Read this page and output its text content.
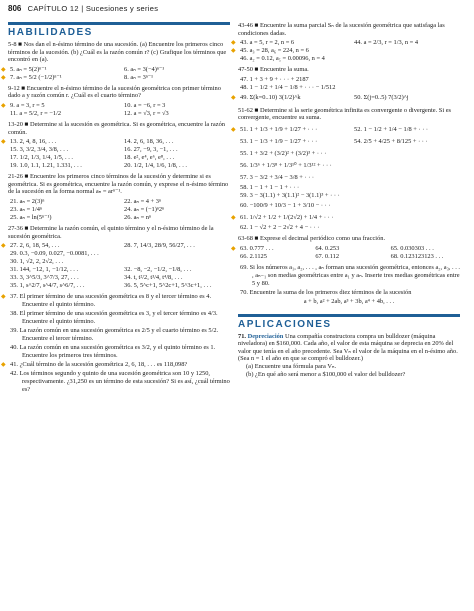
806 CAPÍTULO 12 | Sucesiones y series
HABILIDADES

5-8 ■ Nos dan el n-ésimo término de una sucesión. (a) Encuentre los primeros cinco términos de la sucesión. (b) ¿Cuál es la razón común r? (c) Grafique los términos que encontró en (a).

◆ 5. aₙ = 5(2)ⁿ⁻¹	6. aₙ = 3(−4)ⁿ⁻¹
◆ 7. aₙ = 5/2 (−1/2)ⁿ⁻¹	8. aₙ = 3ⁿ⁻¹

9-12 ■ Encuentre el n-ésimo término de la sucesión geométrica con primer término dado a y razón común r. ¿Cuál es el cuarto término?

◆ 9. a = 3, r = 5	10. a = −6, r = 3
11. a = 5/2, r = −1/2	12. a = √3, r = √3

13-20 ■ Determine si la sucesión es geométrica. Si es geométrica, encuentre la razón común.

◆ 13. 2, 4, 8, 16, . . .	14. 2, 6, 18, 36, . . .
15. 3, 3/2, 3/4, 3/8, . . .	16. 27, −9, 3, −1, . . .
17. 1/2, 1/3, 1/4, 1/5, . . .	18. e², e⁴, e⁶, e⁸, . . .
19. 1.0, 1.1, 1.21, 1.331, . . .	20. 1/2, 1/4, 1/6, 1/8, . . .

21-26 ■ Encuentre los primeros cinco términos de la sucesión y determine si es geométrica. Si es geométrica, encuentre la razón común, y exprese el n-ésimo término de la sucesión en la forma normal aₙ = arⁿ⁻¹.

21. aₙ = 2(3)ⁿ	22. aₙ = 4 + 3ⁿ
23. aₙ = 1/4ⁿ	24. aₙ = (−1)ⁿ2ⁿ
25. aₙ = ln(5ⁿ⁻¹)	26. aₙ = nⁿ

27-36 ■ Determine la razón común, el quinto término y el n-ésimo término de la sucesión geométrica.

◆ 27. 2, 6, 18, 54, . . .	28. 7, 14/3, 28/9, 56/27, . . .
29. 0.3, −0.09, 0.027, −0.0081, . . .
30. 1, √2, 2, 2√2, . . .
31. 144, −12, 1, −1/12, . . .	32. −8, −2, −1/2, −1/8, . . .
33. 3, 3^5/3, 3^7/3, 27, . . .	34. t, t²/2, t³/4, t⁴/8, . . .
35. 1, s^2/7, s^4/7, s^6/7, . . .	36. 5, 5^c+1, 5^2c+1, 5^3c+1, . . .
◆ 37. El primer término de una sucesión geométrica es 8 y el tercer término es 4. Encuentre el quinto término.
38. El primer término de una sucesión geométrica es 3, y el tercer término es 4/3. Encuentre el quinto término.
39. La razón común en una sucesión geométrica es 2/5 y el cuarto término es 5/2. Encuentre el tercer término.
40. La razón común en una sucesión geométrica es 3/2, y el quinto término es 1. Encuentre los primeros tres términos.
◆ 41. ¿Cuál término de la sucesión geométrica 2, 6, 18, . . . es 118,098?
42. Los términos segundo y quinto de una sucesión geométrica son 10 y 1250, respectivamente. ¿31,250 es un término de esta sucesión? Si es así, ¿cuál término es?

43-46 ■ Encuentre la suma parcial Sₙ de la sucesión geométrica que satisfaga las condiciones dadas.

◆ 43. a = 5, r = 2, n = 6	44. a = 2/3, r = 1/3, n = 4
◆ 45. a₃ = 28, a₆ = 224, n = 6
46. a₂ = 0.12, a₅ = 0.00096, n = 4

47-50 ■ Encuentre la suma.

47. 1 + 3 + 9 + · · · + 2187
48. 1 − 1/2 + 1/4 − 1/8 + · · · − 1/512
◆ 49. Σ(k=0..10) 3(1/2)^k	50. Σ(j=0..5) 7(3/2)^j

51-62 ■ Determine si la serie geométrica infinita es convergente o divergente. Si es convergente, encuentre su suma.

◆ 51. 1 + 1/3 + 1/9 + 1/27 + · · ·	52. 1 − 1/2 + 1/4 − 1/8 + · · ·
53. 1 − 1/3 + 1/9 − 1/27 + · · ·	54. 2/5 + 4/25 + 8/125 + · · ·
55. 1 + 3/2 + (3/2)² + (3/2)³ + · · ·
56. 1/3⁶ + 1/3⁸ + 1/3¹⁰ + 1/3¹² + · · ·
57. 3 − 3/2 + 3/4 − 3/8 + · · ·
58. 1 − 1 + 1 − 1 + · · ·
59. 3 − 3(1.1) + 3(1.1)² − 3(1.1)³ + · · ·
60. −100/9 + 10/3 − 1 + 3/10 − · · ·
◆ 61. 1/√2 + 1/2 + 1/(2√2) + 1/4 + · · ·
62. 1 − √2 + 2 − 2√2 + 4 − · · ·

63-68 ■ Exprese el decimal periódico como una fracción.

◆ 63. 0.777 . . .	64. 0.253	65. 0.030303 . . .
66. 2.1125	67. 0.112	68. 0.123123123 . . .
69. Si los números a₁, a₂, . . . , aₙ forman una sucesión geométrica, entonces a₂, a₃, . . . , aₙ₋₁ son medias geométricas entre a₁ y aₙ. Inserte tres medias geométricas entre 5 y 80.
70. Encuentre la suma de los primeros diez términos de la sucesión
a + b, a² + 2ab, a³ + 3b, a⁴ + 4b, . . .
APLICACIONES
71. Depreciación Una compañía constructora compra un bulldozer (máquina niveladora) en $160,000. Cada año, el valor de esta máquina se deprecia en 20% del valor que tenía en el año precedente. Sea Vₙ el valor de la máquina en el n-ésimo año. (Sea n = 1 el año en que se compró el bulldozer.)
(a) Encuentre una fórmula para Vₙ.
(b) ¿En qué año será menor a $100,000 el valor del bulldozer?
